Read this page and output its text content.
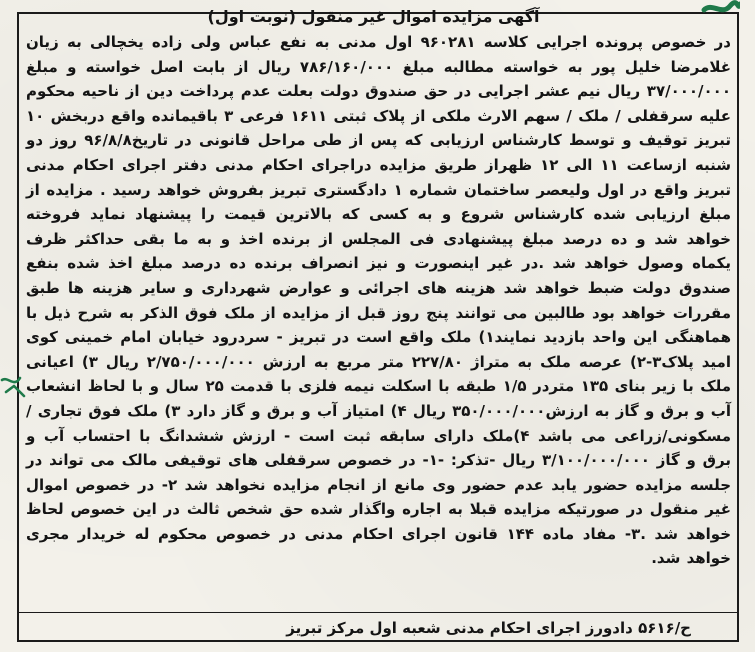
آگهی مزایده اموال غیر منقول (نوبت اول)

در خصوص پرونده اجرایی کلاسه ۹۶۰۲۸۱ اول مدنی به نفع عباس ولی زاده یخچالی به زیان غلامرضا خلیل پور به خواسته مطالبه مبلغ ۷۸۶/۱۶۰/۰۰۰ ریال از بابت اصل خواسته و مبلغ ۳۷/۰۰۰/۰۰۰ ریال نیم عشر اجرایی در حق صندوق دولت بعلت عدم پرداخت دین از ناحیه محکوم علیه سرقفلی / ملک / سهم الارث ملکی از پلاک ثبتی ۱۶۱۱ فرعی ۳ باقیمانده واقع دربخش ۱۰ تبریز توقیف و توسط کارشناس ارزیابی که پس از طی مراحل قانونی در تاریخ۹۶/۸/۸ روز دو شنبه ازساعت ۱۱ الی ۱۲ ظهراز طریق مزایده دراجرای احکام مدنی دفتر اجرای احکام مدنی تبریز واقع در اول ولیعصر ساختمان شماره ۱ دادگستری تبریز بفروش خواهد رسید . مزایده از مبلغ ارزیابی شده کارشناس شروع و به کسی که بالاترین قیمت را پیشنهاد نماید فروخته خواهد شد و ده درصد مبلغ پیشنهادی فی المجلس از برنده اخذ و به ما بقی حداکثر ظرف یکماه وصول خواهد شد .در غیر اینصورت و نیز انصراف برنده ده درصد مبلغ اخذ شده بنفع صندوق دولت ضبط خواهد شد هزینه های اجرائی و عوارض شهرداری و سایر هزینه ها طبق مقررات خواهد بود طالبین می توانند پنج روز قبل از مزایده از ملک فوق الذکر به شرح ذیل با هماهنگی این واحد بازدید نمایند۱) ملک واقع است در تبریز - سردرود خیابان امام خمینی کوی امید پلاک۳-۲) عرصه ملک به متراژ ۲۲۷/۸۰ متر مربع به ارزش ۲/۷۵۰/۰۰۰/۰۰۰ ریال ۳) اعیانی ملک با زیر بنای ۱۳۵ متردر ۱/۵ طبقه با اسکلت نیمه فلزی با قدمت ۲۵ سال و با لحاظ انشعاب آب و برق و گاز به ارزش۳۵۰/۰۰۰/۰۰۰ ریال ۴) امتیاز آب و برق و گاز دارد ۳) ملک فوق تجاری /مسکونی/زراعی می باشد ۴)ملک دارای سابقه ثبت است - ارزش ششدانگ با احتساب آب و برق و گاز ۳/۱۰۰/۰۰۰/۰۰۰ ریال -تذکر: -۱- در خصوص سرقفلی های توقیفی مالک می تواند در جلسه مزایده حضور یابد عدم حضور وی مانع از انجام مزایده نخواهد شد ۲- در خصوص اموال غیر منقول در صورتیکه مزایده قبلا به اجاره واگذار شده حق شخص ثالث در این خصوص لحاظ خواهد شد .۳- مفاد ماده ۱۴۴ قانون اجرای احکام مدنی در خصوص محکوم له خریدار مجری خواهد شد.

ح/۵۶۱۶ دادورز اجرای احکام مدنی شعبه اول مرکز تبریز
